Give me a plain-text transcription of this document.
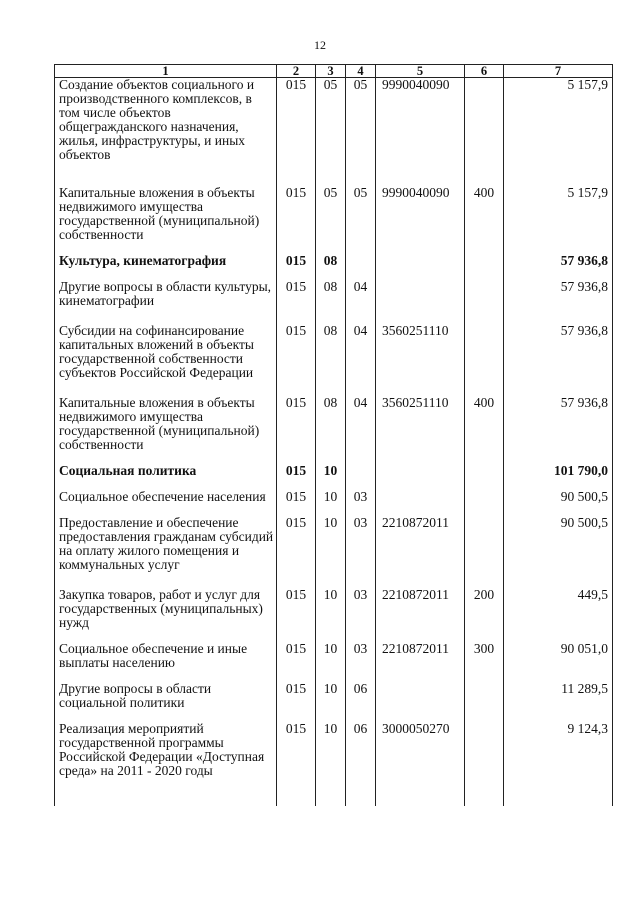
12
1	2	3	4	5	6	7
Создание объектов социального и производственного комплексов, в том числе объектов общегражданского назначения, жилья, инфраструктуры, и иных объектов	015	05	05	9990040090		5 157,9

Капитальные вложения в объекты недвижимого имущества государственной (муниципальной) собственности	015	05	05	9990040090	400	5 157,9

Культура, кинематография	015	08				57 936,8

Другие вопросы в области культуры, кинематографии	015	08	04			57 936,8

Субсидии на софинансирование капитальных вложений в объекты государственной собственности субъектов Российской Федерации	015	08	04	3560251110		57 936,8

Капитальные вложения в объекты недвижимого имущества государственной (муниципальной) собственности	015	08	04	3560251110	400	57 936,8

Социальная политика	015	10				101 790,0

Социальное обеспечение населения	015	10	03			90 500,5

Предоставление и обеспечение предоставления гражданам субсидий на оплату жилого помещения и коммунальных услуг	015	10	03	2210872011		90 500,5

Закупка товаров, работ и услуг для государственных (муниципальных) нужд	015	10	03	2210872011	200	449,5

Социальное обеспечение и иные выплаты населению	015	10	03	2210872011	300	90 051,0

Другие вопросы в области социальной политики	015	10	06			11 289,5

Реализация мероприятий государственной программы Российской Федерации «Доступная среда» на 2011 - 2020 годы	015	10	06	3000050270		9 124,3
